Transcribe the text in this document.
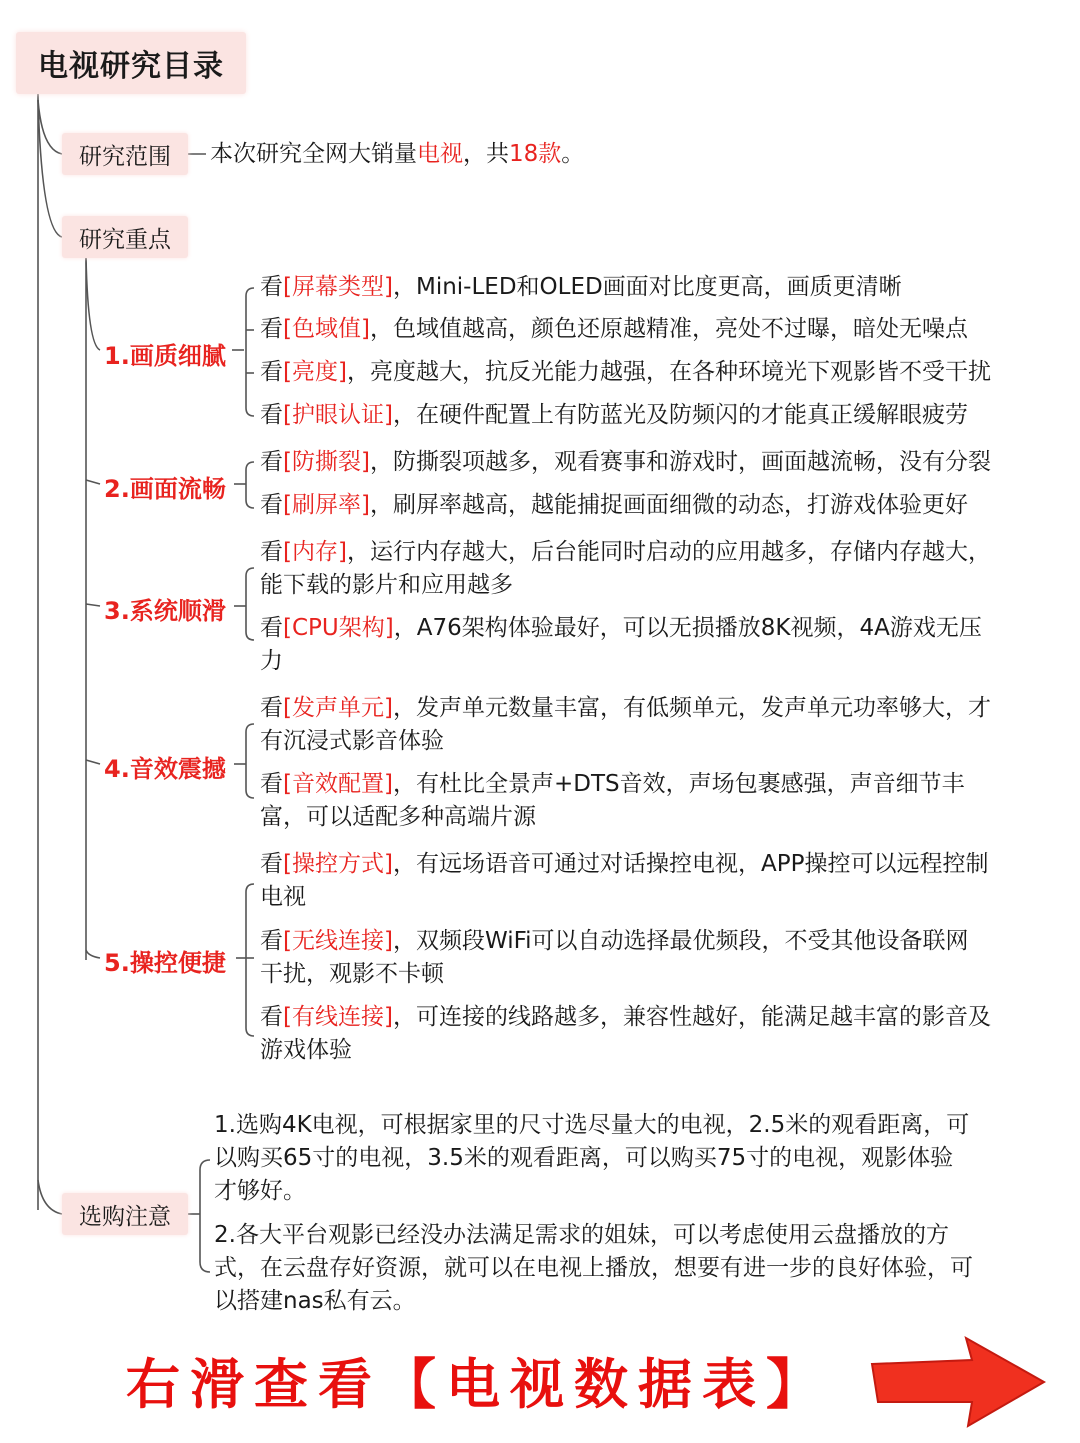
电视研究目录
研究范围	本次研究全网大销量电视，共18款。
研究重点
1.画质细腻
看[屏幕类型]，Mini-LED和OLED画面对比度更高，画质更清晰
看[色域值]，色域值越高，颜色还原越精准，亮处不过曝，暗处无噪点
看[亮度]，亮度越大，抗反光能力越强，在各种环境光下观影皆不受干扰
看[护眼认证]，在硬件配置上有防蓝光及防频闪的才能真正缓解眼疲劳
2.画面流畅
看[防撕裂]，防撕裂项越多，观看赛事和游戏时，画面越流畅，没有分裂
看[刷屏率]，刷屏率越高，越能捕捉画面细微的动态，打游戏体验更好
3.系统顺滑
看[内存]，运行内存越大，后台能同时启动的应用越多，存储内存越大，
能下载的影片和应用越多
看[CPU架构]，A76架构体验最好，可以无损播放8K视频，4A游戏无压
力
4.音效震撼
看[发声单元]，发声单元数量丰富，有低频单元，发声单元功率够大，才
有沉浸式影音体验
看[音效配置]，有杜比全景声+DTS音效，声场包裹感强，声音细节丰
富，可以适配多种高端片源
5.操控便捷
看[操控方式]，有远场语音可通过对话操控电视，APP操控可以远程控制
电视
看[无线连接]，双频段WiFi可以自动选择最优频段，不受其他设备联网
干扰，观影不卡顿
看[有线连接]，可连接的线路越多，兼容性越好，能满足越丰富的影音及
游戏体验
选购注意
1.选购4K电视，可根据家里的尺寸选尽量大的电视，2.5米的观看距离，可
以购买65寸的电视，3.5米的观看距离，可以购买75寸的电视，观影体验
才够好。
2.各大平台观影已经没办法满足需求的姐妹，可以考虑使用云盘播放的方
式，在云盘存好资源，就可以在电视上播放，想要有进一步的良好体验，可
以搭建nas私有云。
右滑查看【电视数据表】
